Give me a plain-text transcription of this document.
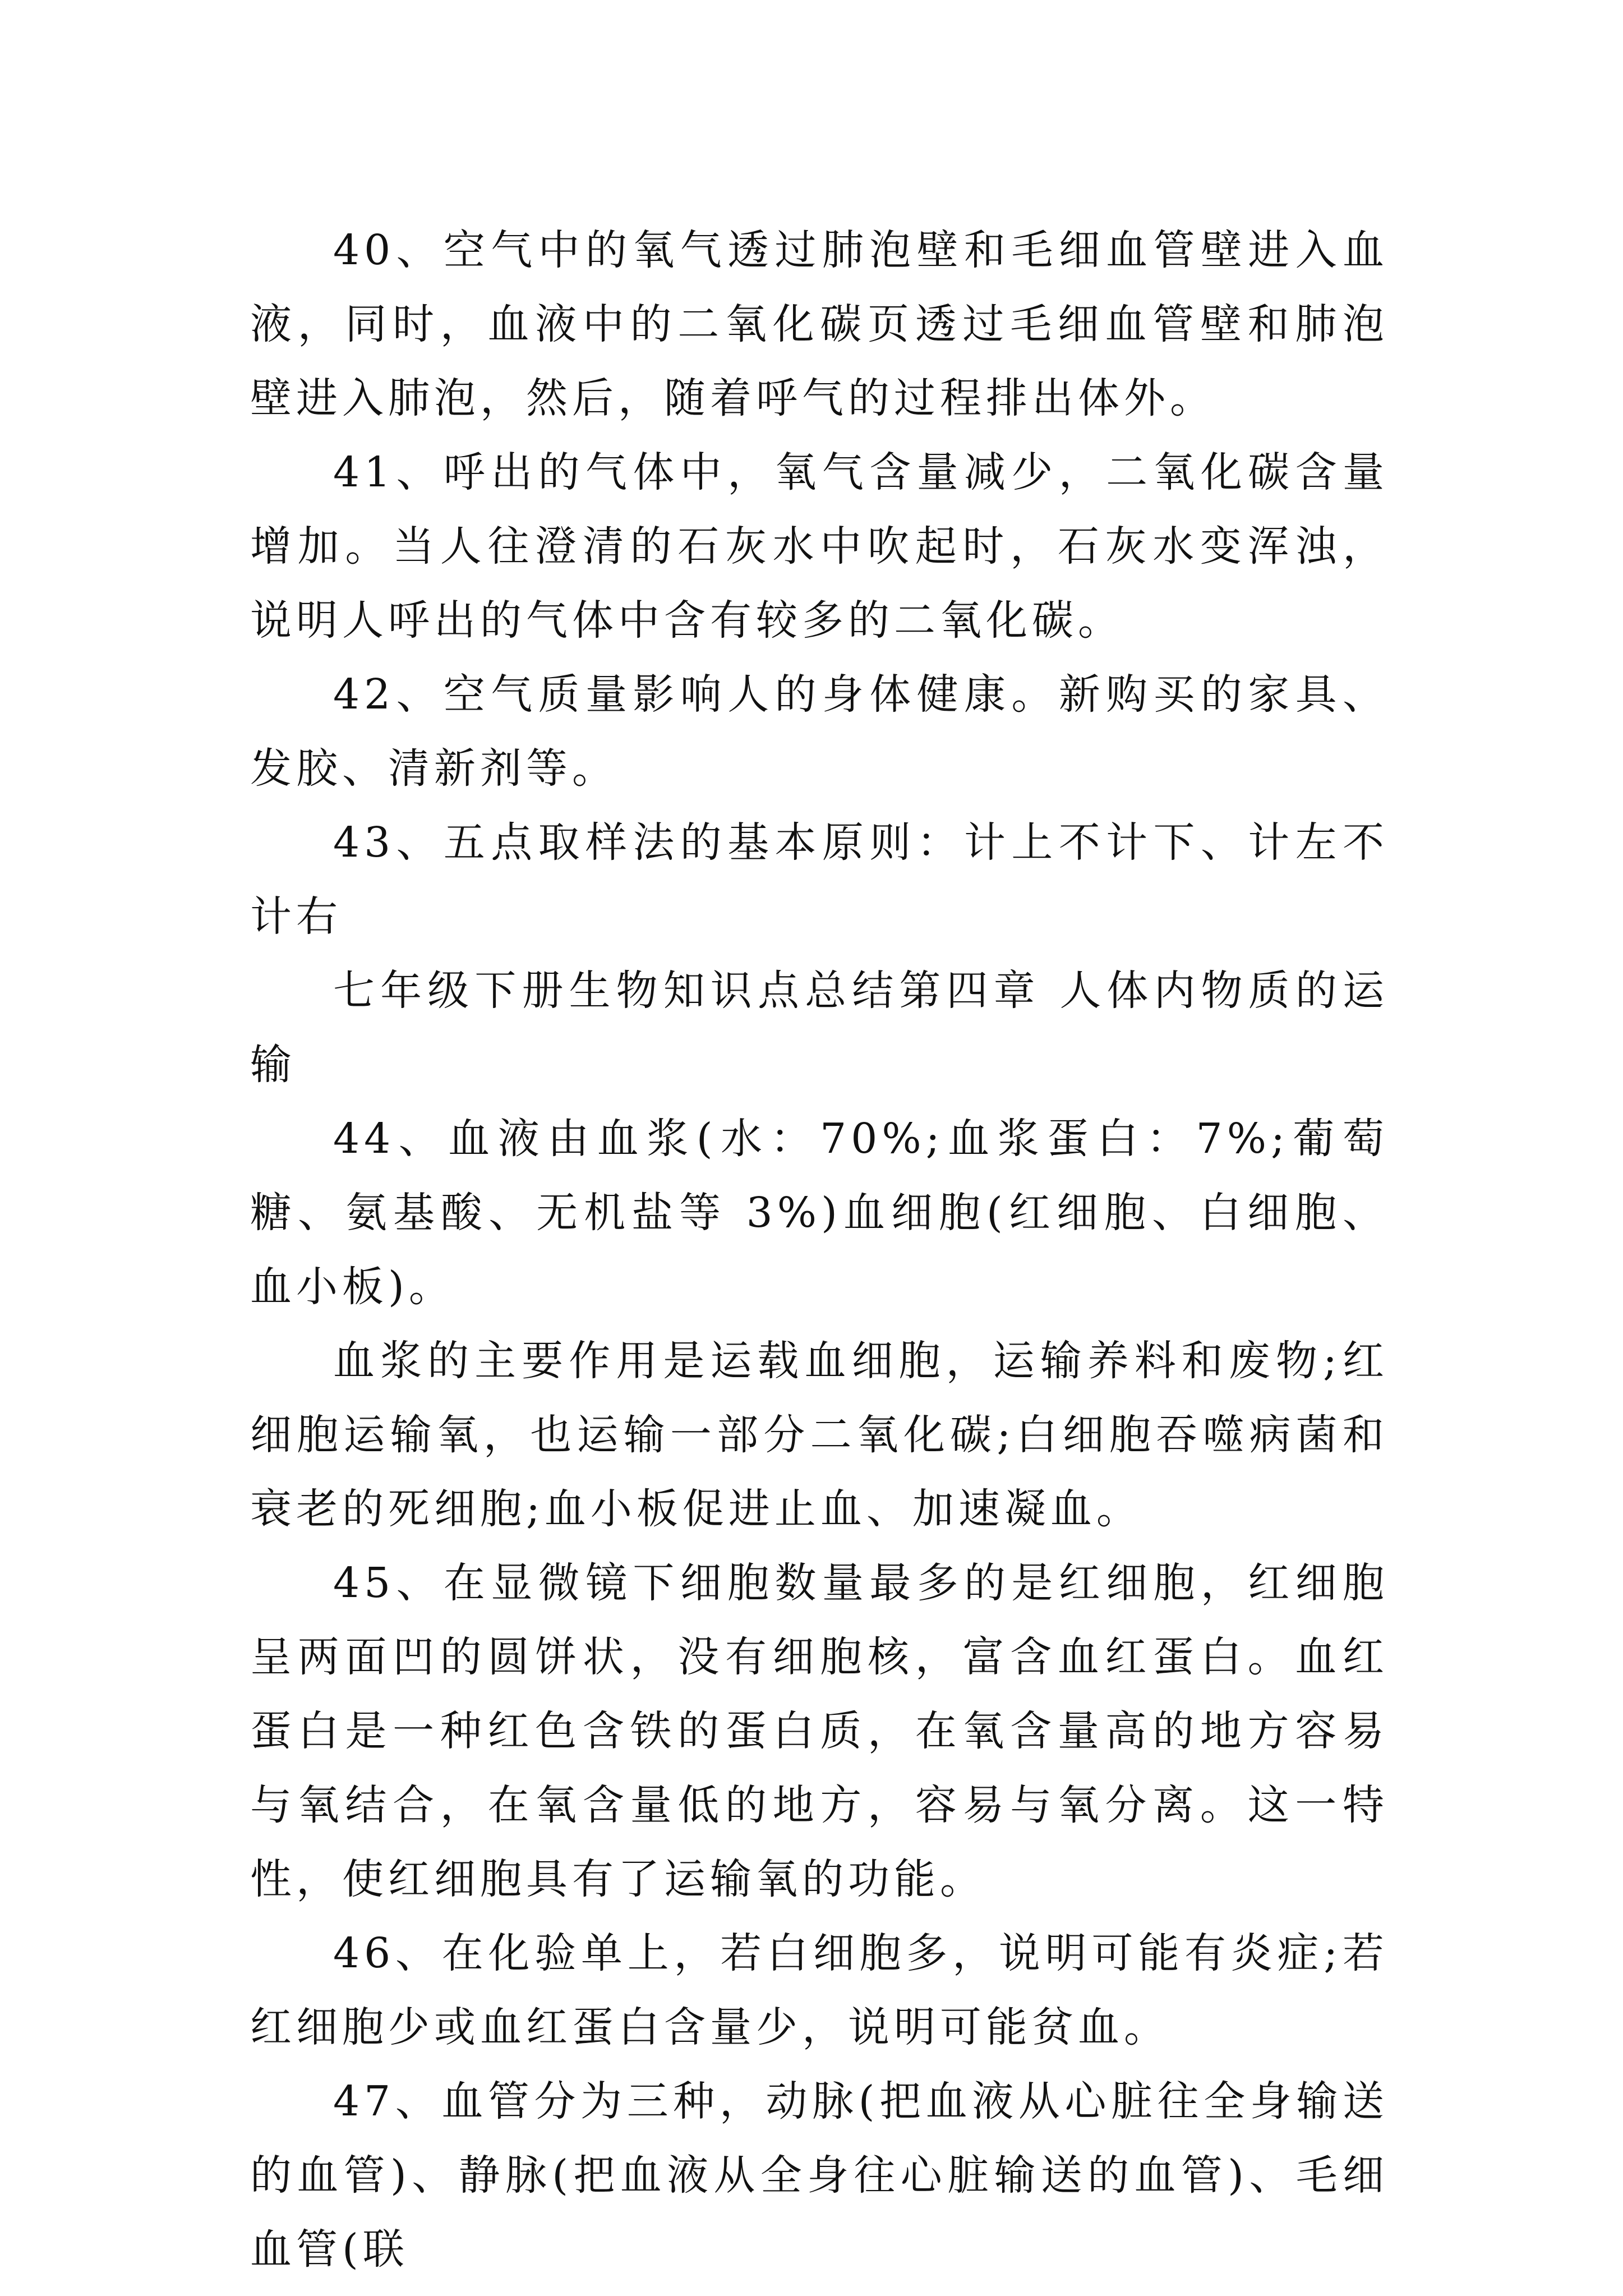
40、空气中的氧气透过肺泡壁和毛细血管壁进入血液，同时，血液中的二氧化碳页透过毛细血管壁和肺泡壁进入肺泡，然后，随着呼气的过程排出体外。

41、呼出的气体中，氧气含量减少，二氧化碳含量增加。当人往澄清的石灰水中吹起时，石灰水变浑浊，说明人呼出的气体中含有较多的二氧化碳。

42、空气质量影响人的身体健康。新购买的家具、发胶、清新剂等。

43、五点取样法的基本原则：计上不计下、计左不计右

七年级下册生物知识点总结第四章 人体内物质的运输

44、血液由血浆(水：70%;血浆蛋白：7%;葡萄糖、氨基酸、无机盐等 3%)血细胞(红细胞、白细胞、血小板)。

血浆的主要作用是运载血细胞，运输养料和废物;红细胞运输氧，也运输一部分二氧化碳;白细胞吞噬病菌和衰老的死细胞;血小板促进止血、加速凝血。

45、在显微镜下细胞数量最多的是红细胞，红细胞呈两面凹的圆饼状，没有细胞核，富含血红蛋白。血红蛋白是一种红色含铁的蛋白质，在氧含量高的地方容易与氧结合，在氧含量低的地方，容易与氧分离。这一特性，使红细胞具有了运输氧的功能。

46、在化验单上，若白细胞多，说明可能有炎症;若红细胞少或血红蛋白含量少，说明可能贫血。

47、血管分为三种，动脉(把血液从心脏往全身输送的血管)、静脉(把血液从全身往心脏输送的血管)、毛细血管(联
